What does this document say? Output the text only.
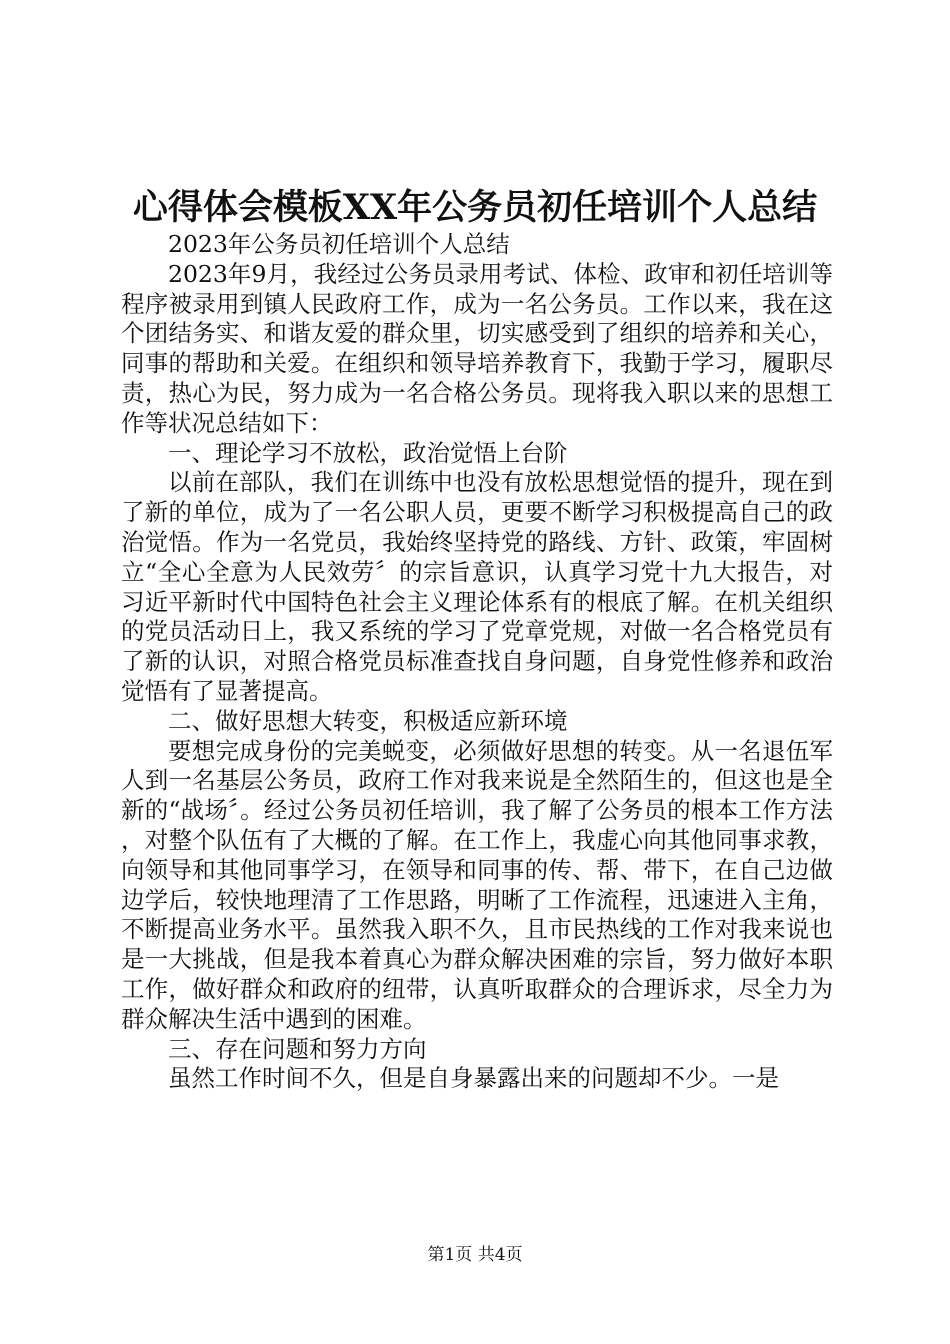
心得体会模板XX年公务员初任培训个人总结

2023年公务员初任培训个人总结

2023年9月，我经过公务员录用考试、体检、政审和初任培训等程序被录用到镇人民政府工作，成为一名公务员。工作以来，我在这个团结务实、和谐友爱的群众里，切实感受到了组织的培养和关心，同事的帮助和关爱。在组织和领导培养教育下，我勤于学习，履职尽责，热心为民，努力成为一名合格公务员。现将我入职以来的思想工作等状况总结如下：

一、理论学习不放松，政治觉悟上台阶

以前在部队，我们在训练中也没有放松思想觉悟的提升，现在到了新的单位，成为了一名公职人员，更要不断学习积极提高自己的政治觉悟。作为一名党员，我始终坚持党的路线、方针、政策，牢固树立“全心全意为人民效劳〞的宗旨意识，认真学习党十九大报告，对习近平新时代中国特色社会主义理论体系有的根底了解。在机关组织的党员活动日上，我又系统的学习了党章党规，对做一名合格党员有了新的认识，对照合格党员标准查找自身问题，自身党性修养和政治觉悟有了显著提高。

二、做好思想大转变，积极适应新环境

要想完成身份的完美蜕变，必须做好思想的转变。从一名退伍军人到一名基层公务员，政府工作对我来说是全然陌生的，但这也是全新的“战场〞。经过公务员初任培训，我了解了公务员的根本工作方法，对整个队伍有了大概的了解。在工作上，我虚心向其他同事求教，向领导和其他同事学习，在领导和同事的传、帮、带下，在自己边做边学后，较快地理清了工作思路，明晰了工作流程，迅速进入主角，不断提高业务水平。虽然我入职不久，且市民热线的工作对我来说也是一大挑战，但是我本着真心为群众解决困难的宗旨，努力做好本职工作，做好群众和政府的纽带，认真听取群众的合理诉求，尽全力为群众解决生活中遇到的困难。

三、存在问题和努力方向

虽然工作时间不久，但是自身暴露出来的问题却不少。一是

第1页 共4页
